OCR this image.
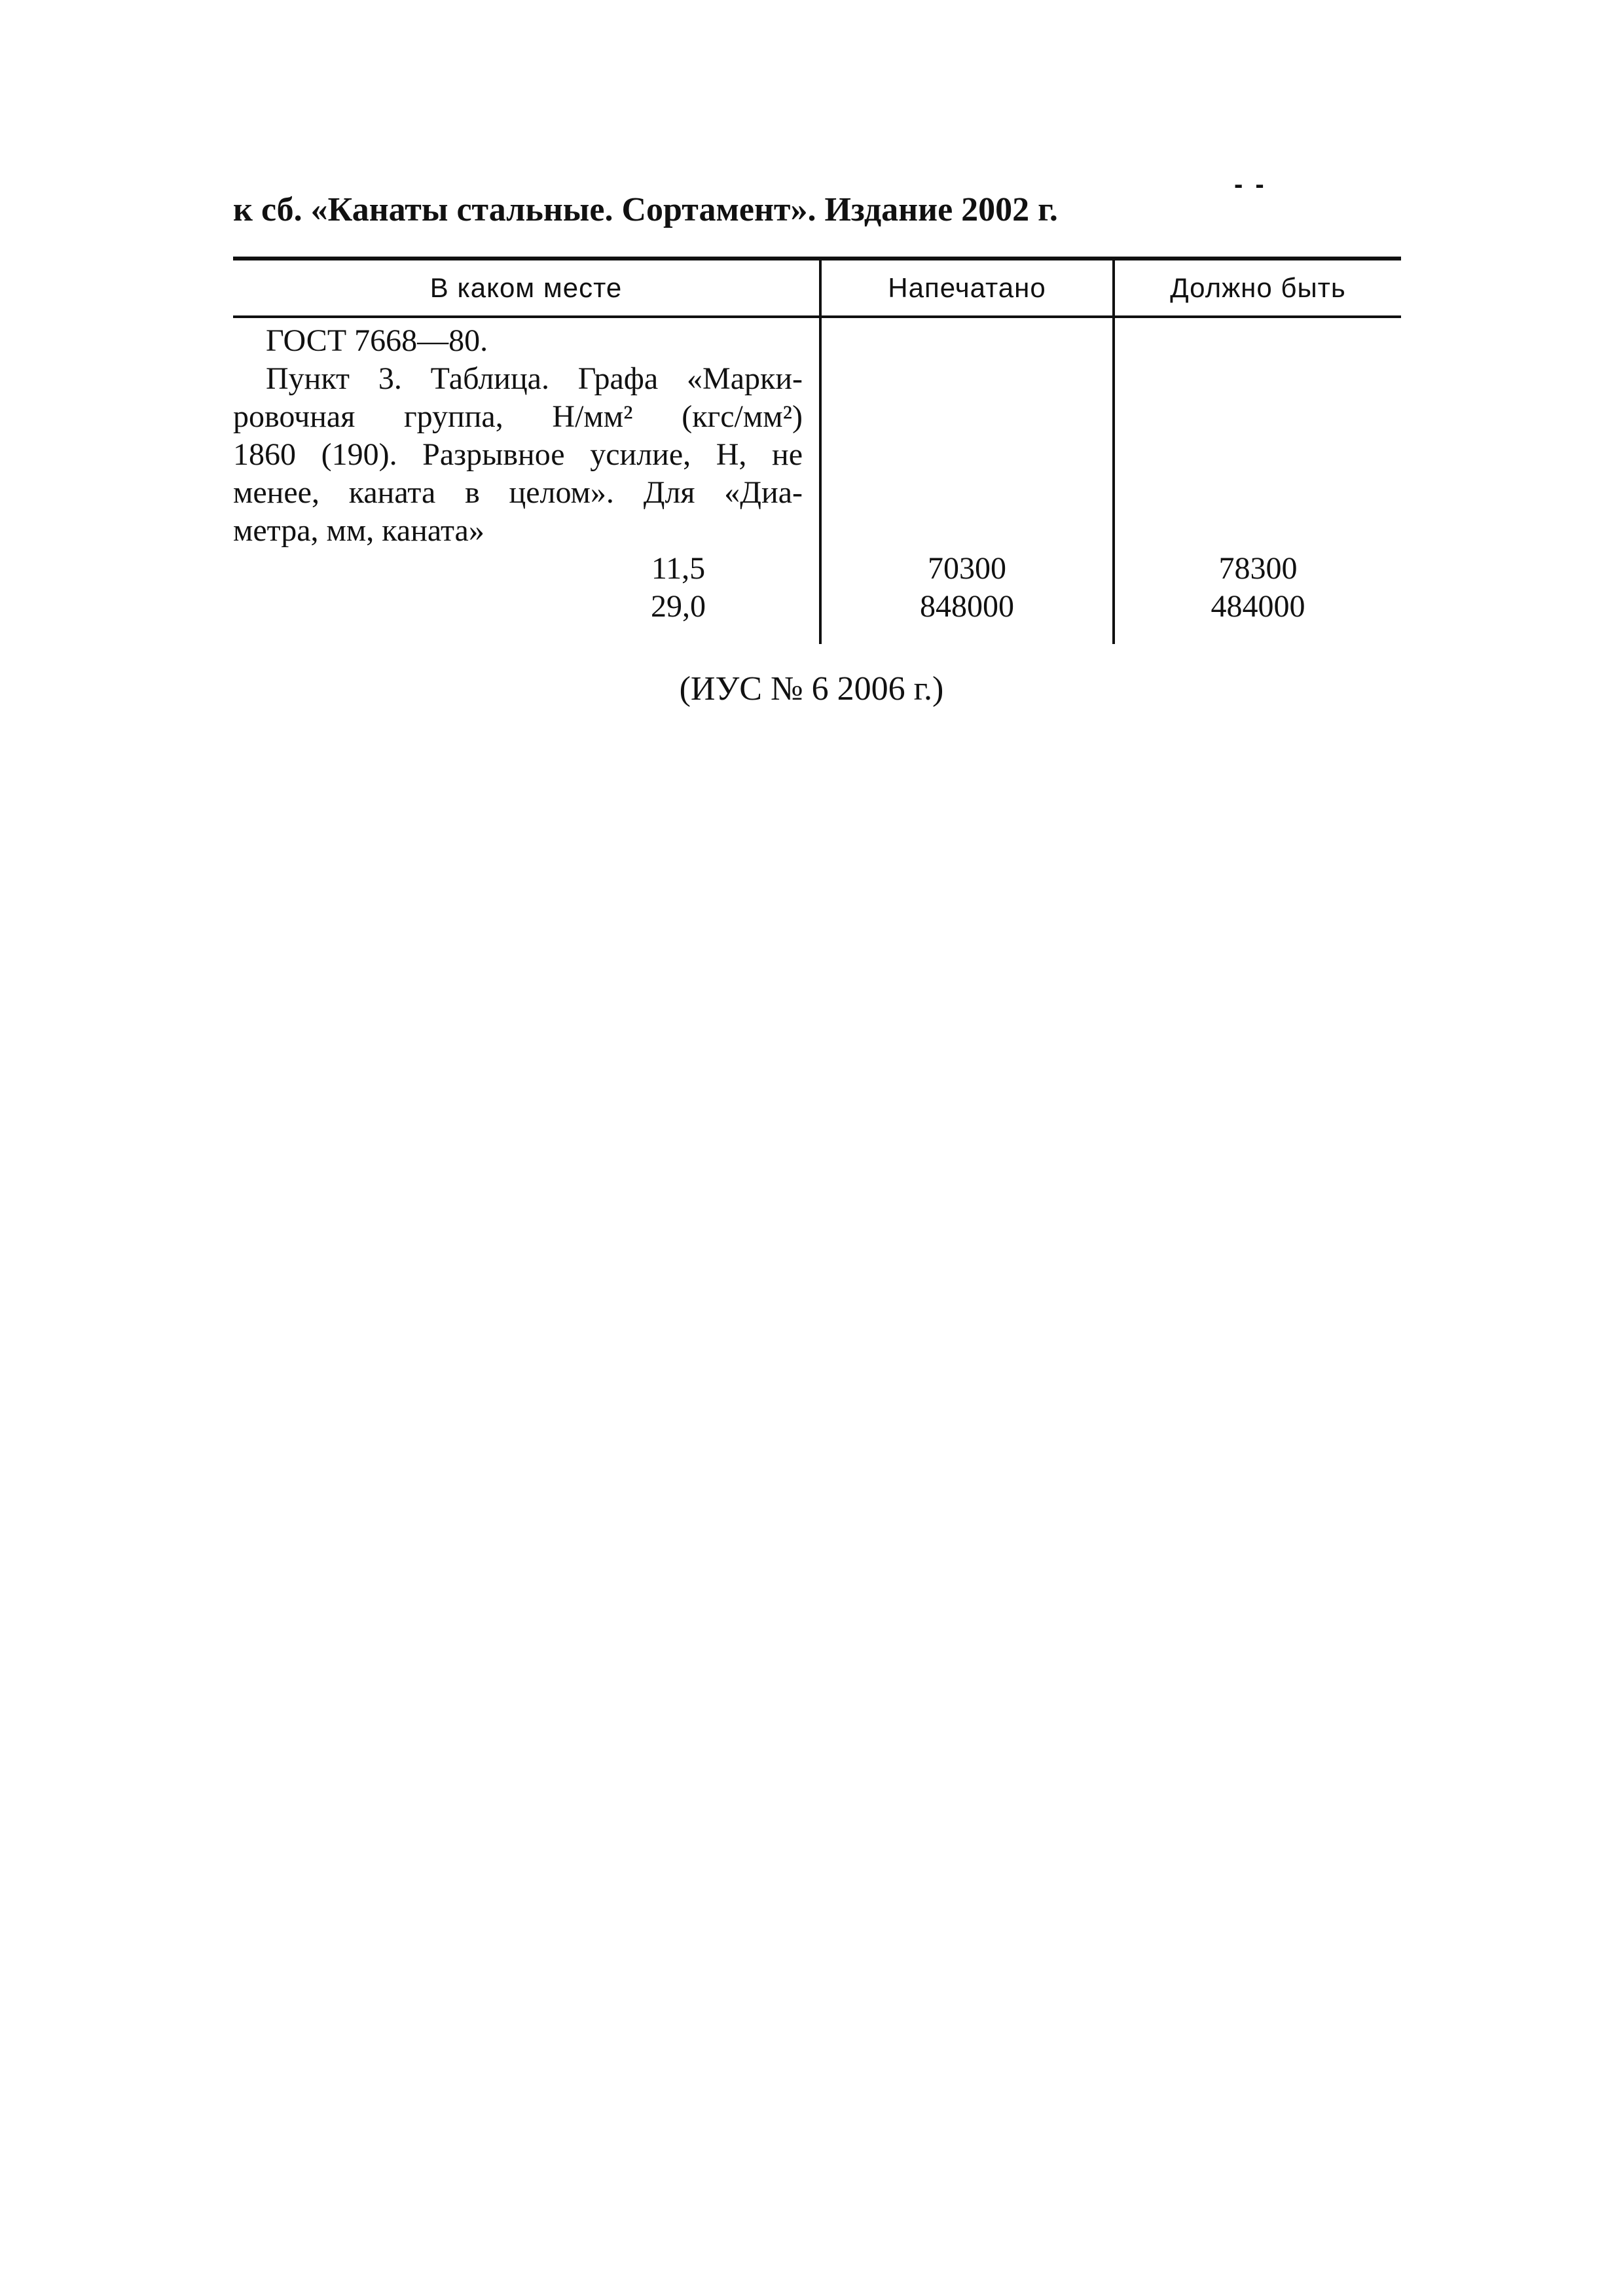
- -
к сб. «Канаты стальные. Сортамент». Издание 2002 г.
В каком месте	Напечатано	Должно быть
ГОСТ 7668—80.
Пункт 3. Таблица. Графа «Марки-
ровочная группа, Н/мм² (кгс/мм²)
1860 (190). Разрывное усилие, Н, не
менее, каната в целом». Для «Диа-
метра, мм, каната»
11,5	70300	78300
29,0	848000	484000
(ИУС № 6 2006 г.)
